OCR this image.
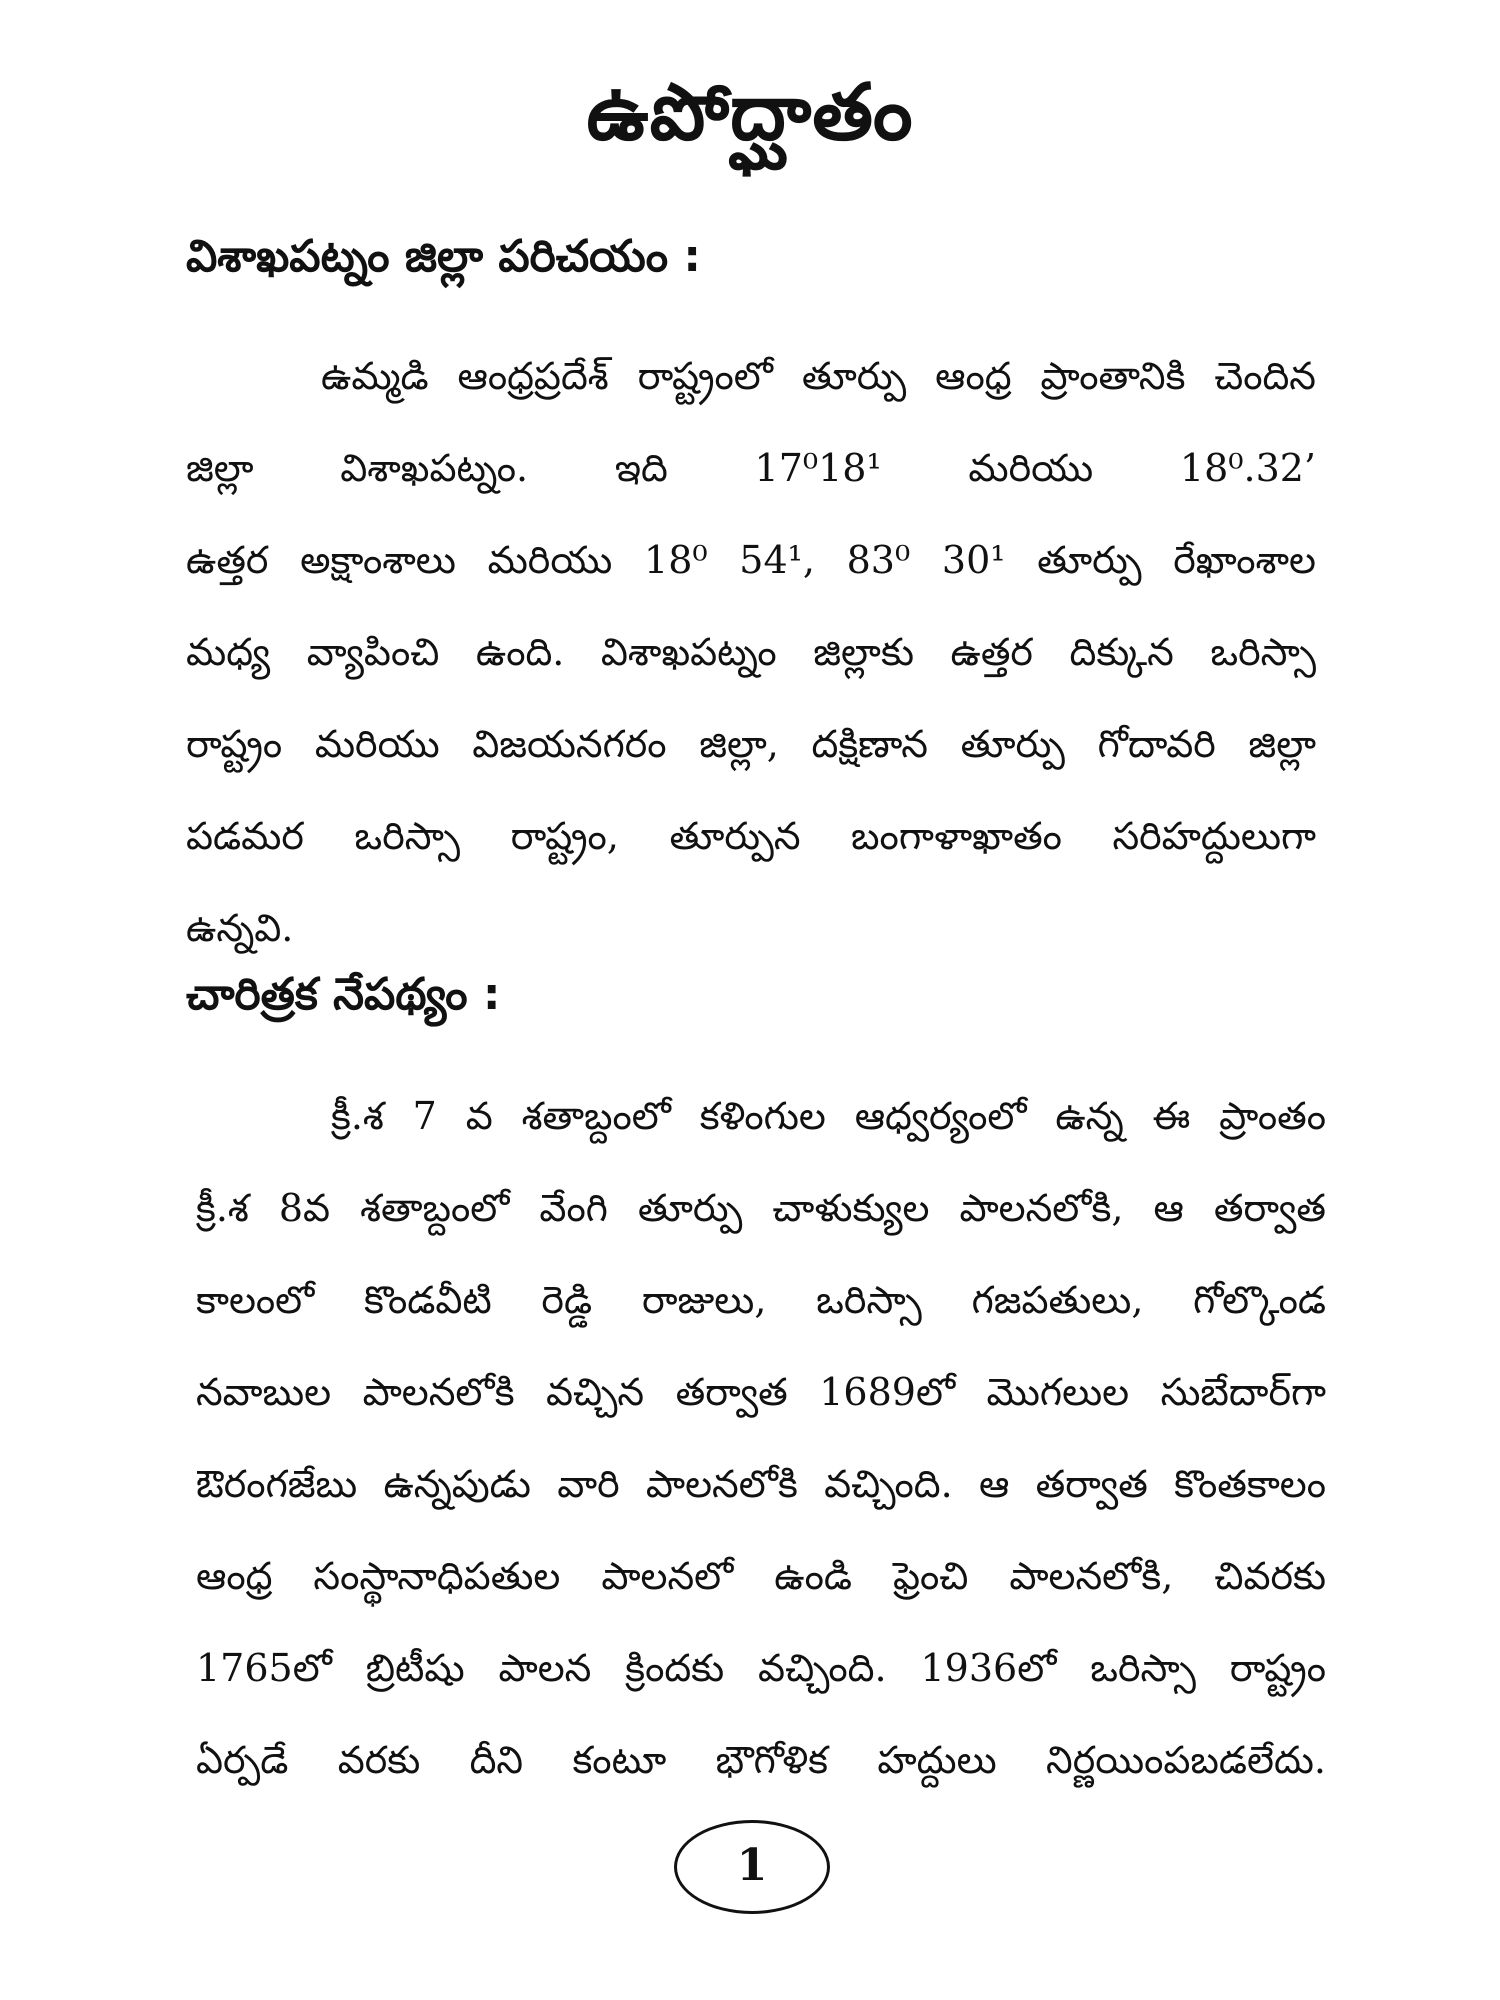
ఉపోద్ఘాతం
విశాఖపట్నం జిల్లా పరిచయం :
ఉమ్మడి ఆంధ్రప్రదేశ్ రాష్ట్రంలో తూర్పు ఆంధ్ర ప్రాంతానికి చెందిన
జిల్లా విశాఖపట్నం. ఇది 17⁰18¹ మరియు 18⁰.32’
ఉత్తర అక్షాంశాలు మరియు 18⁰ 54¹, 83⁰ 30¹ తూర్పు రేఖాంశాల
మధ్య వ్యాపించి ఉంది. విశాఖపట్నం జిల్లాకు ఉత్తర దిక్కున ఒరిస్సా
రాష్ట్రం మరియు విజయనగరం జిల్లా, దక్షిణాన తూర్పు గోదావరి జిల్లా
పడమర ఒరిస్సా రాష్ట్రం, తూర్పున బంగాళాఖాతం సరిహద్దులుగా
ఉన్నవి.
చారిత్రక నేపథ్యం :
క్రీ.శ 7 వ శతాబ్దంలో కళింగుల ఆధ్వర్యంలో ఉన్న ఈ ప్రాంతం
క్రీ.శ 8వ శతాబ్దంలో వేంగి తూర్పు చాళుక్యుల పాలనలోకి, ఆ తర్వాత
కాలంలో కొండవీటి రెడ్డి రాజులు, ఒరిస్సా గజపతులు, గోల్కొండ
నవాబుల పాలనలోకి వచ్చిన తర్వాత 1689లో మొగలుల సుబేదార్‌గా
ఔరంగజేబు ఉన్నపుడు వారి పాలనలోకి వచ్చింది. ఆ తర్వాత కొంతకాలం
ఆంధ్ర సంస్థానాధిపతుల పాలనలో ఉండి ఫ్రెంచి పాలనలోకి, చివరకు
1765లో బ్రిటీషు పాలన క్రిందకు వచ్చింది. 1936లో ఒరిస్సా రాష్ట్రం
ఏర్పడే వరకు దీని కంటూ భౌగోళిక హద్దులు నిర్ణయింపబడలేదు.
1
